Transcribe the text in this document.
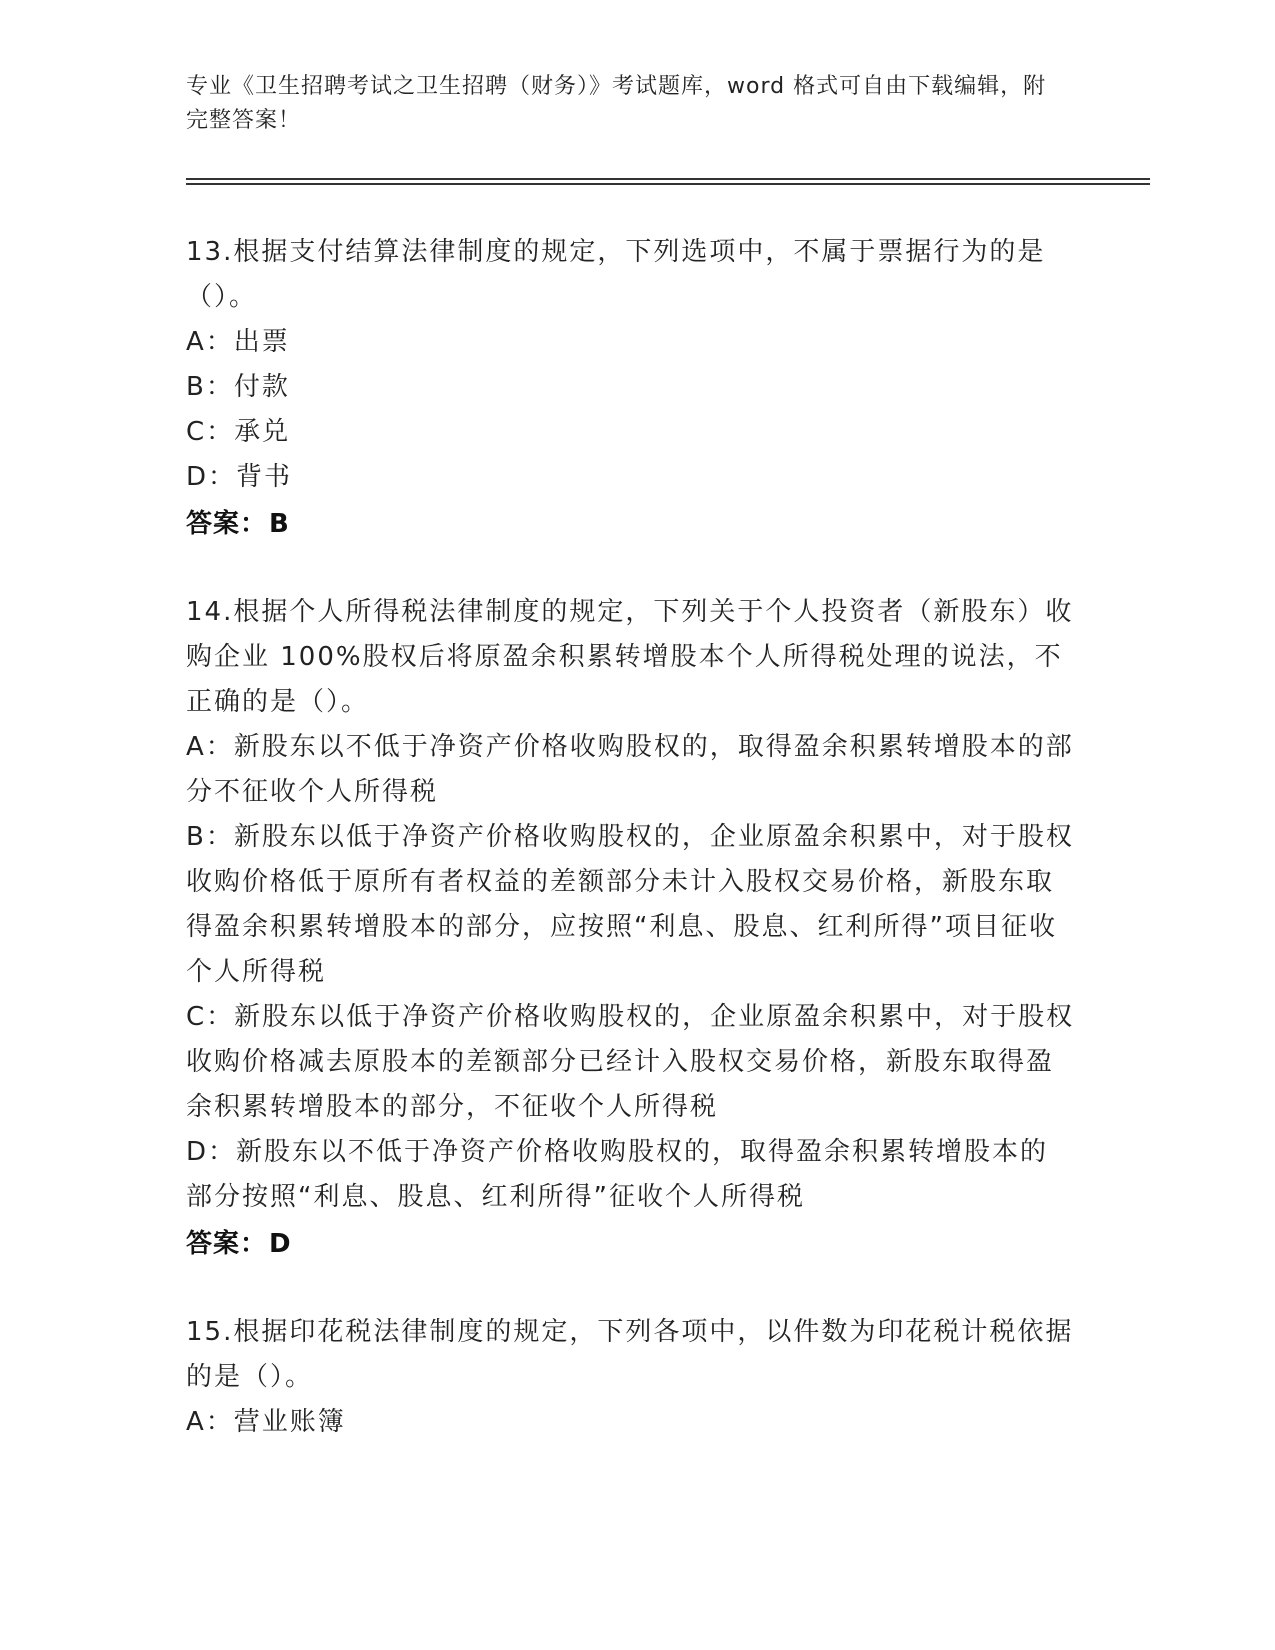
专业《卫生招聘考试之卫生招聘（财务）》考试题库，word 格式可自由下载编辑，附完整答案！

13.根据支付结算法律制度的规定，下列选项中，不属于票据行为的是（）。

A：出票

B：付款

C：承兑

D：背书

答案：B

14.根据个人所得税法律制度的规定，下列关于个人投资者（新股东）收购企业 100%股权后将原盈余积累转增股本个人所得税处理的说法，不正确的是（）。

A：新股东以不低于净资产价格收购股权的，取得盈余积累转增股本的部分不征收个人所得税

B：新股东以低于净资产价格收购股权的，企业原盈余积累中，对于股权收购价格低于原所有者权益的差额部分未计入股权交易价格，新股东取得盈余积累转增股本的部分，应按照“利息、股息、红利所得”项目征收个人所得税

C：新股东以低于净资产价格收购股权的，企业原盈余积累中，对于股权收购价格减去原股本的差额部分已经计入股权交易价格，新股东取得盈余积累转增股本的部分，不征收个人所得税

D：新股东以不低于净资产价格收购股权的，取得盈余积累转增股本的部分按照“利息、股息、红利所得”征收个人所得税

答案：D

15.根据印花税法律制度的规定，下列各项中，以件数为印花税计税依据的是（）。

A：营业账簿
